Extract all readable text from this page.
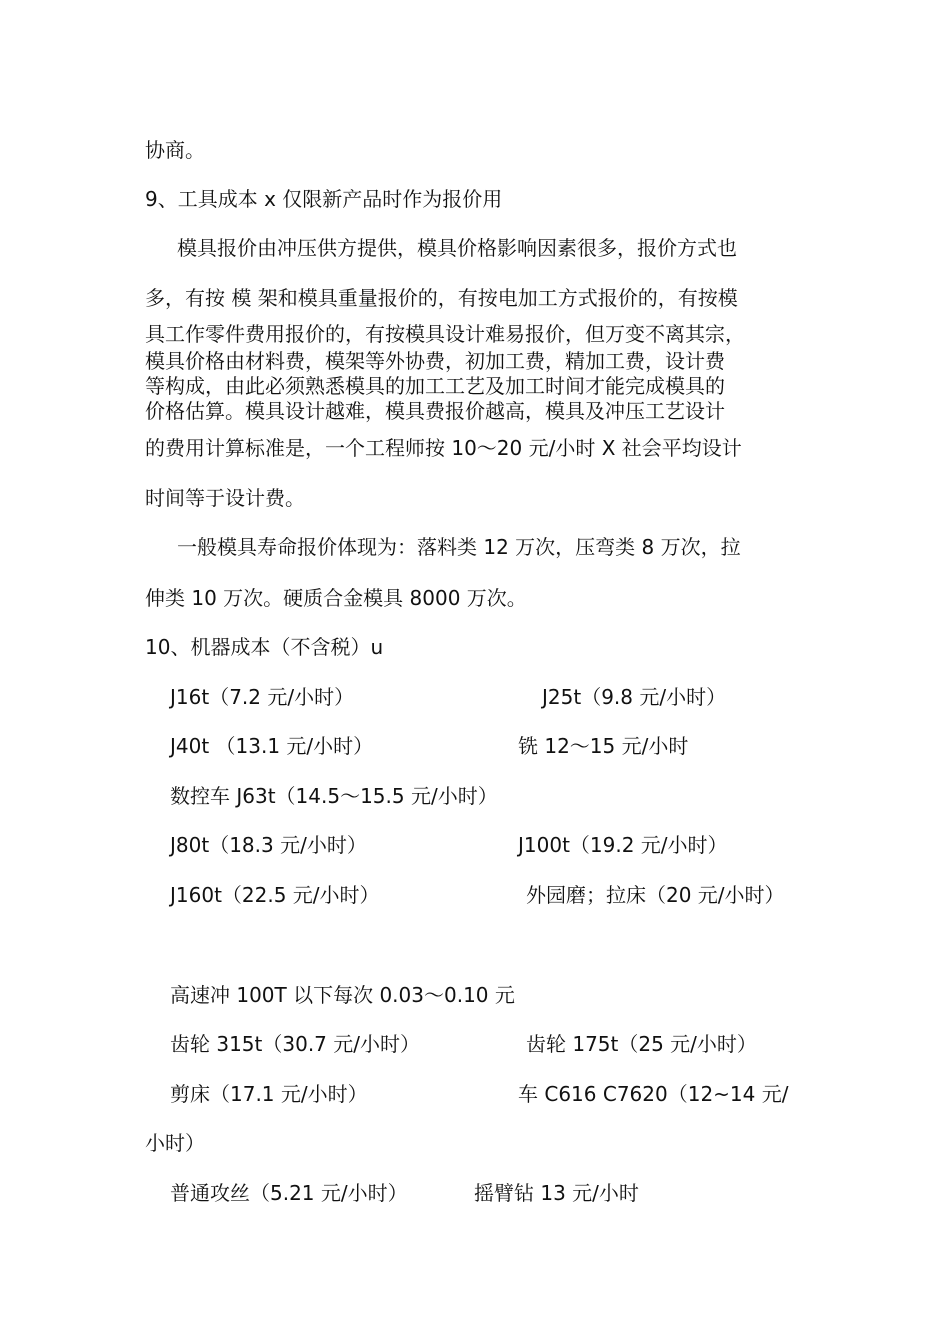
协商。
9、工具成本 x 仅限新产品时作为报价用
模具报价由冲压供方提供，模具价格影响因素很多，报价方式也
多，有按 模 架和模具重量报价的，有按电加工方式报价的，有按模
具工作零件费用报价的，有按模具设计难易报价，但万变不离其宗，
模具价格由材料费，模架等外协费，初加工费，精加工费，设计费
等构成，由此必须熟悉模具的加工工艺及加工时间才能完成模具的
价格估算。模具设计越难，模具费报价越高，模具及冲压工艺设计
的费用计算标准是，一个工程师按 10～20 元/小时 X 社会平均设计
时间等于设计费。
一般模具寿命报价体现为：落料类 12 万次，压弯类 8 万次，拉
伸类 10 万次。硬质合金模具 8000 万次。
10、机器成本（不含税）u
J16t（7.2 元/小时）	J25t（9.8 元/小时）
J40t （13.1 元/小时）	铣 12～15 元/小时
数控车 J63t（14.5～15.5 元/小时）
J80t（18.3 元/小时）	J100t（19.2 元/小时）
J160t（22.5 元/小时）	外园磨；拉床（20 元/小时）
高速冲 100T 以下每次 0.03～0.10 元
齿轮 315t（30.7 元/小时）	齿轮 175t（25 元/小时）
剪床（17.1 元/小时）	车 C616 C7620（12~14 元/
小时）
普通攻丝（5.21 元/小时）	摇臂钻 13 元/小时
